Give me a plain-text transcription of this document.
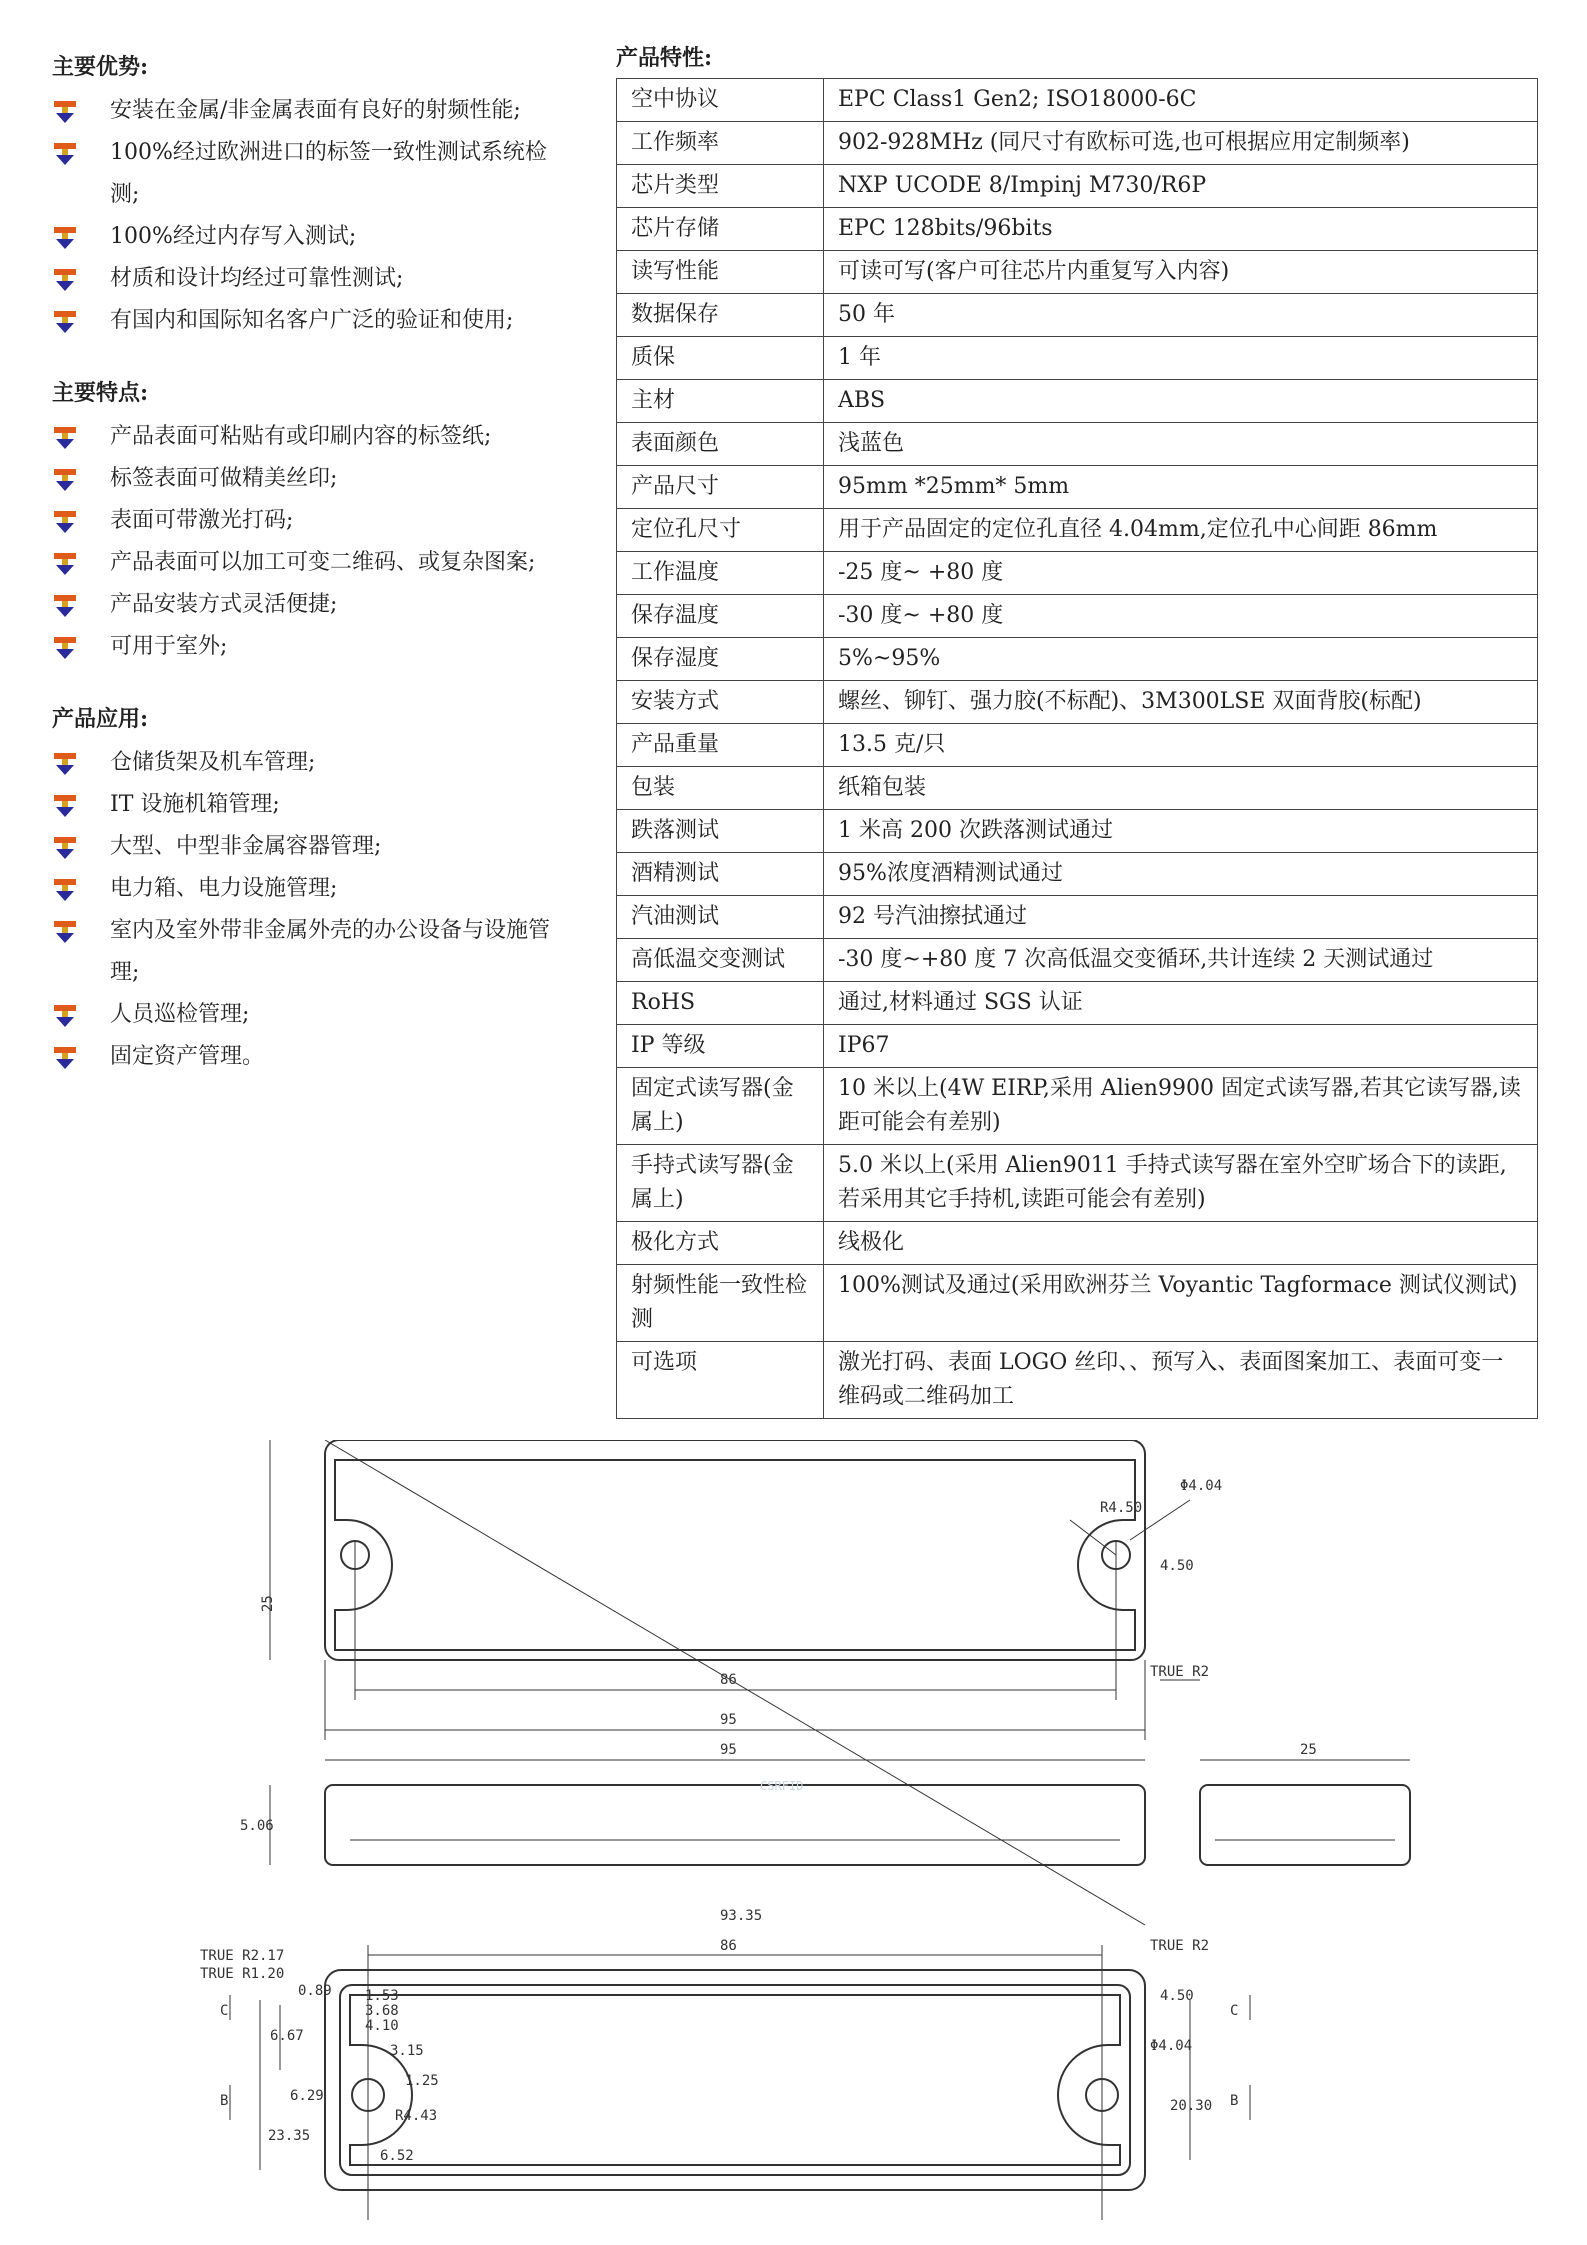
主要优势:
安装在金属/非金属表面有良好的射频性能;
100%经过欧洲进口的标签一致性测试系统检测;
100%经过内存写入测试;
材质和设计均经过可靠性测试;
有国内和国际知名客户广泛的验证和使用;
主要特点:
产品表面可粘贴有或印刷内容的标签纸;
标签表面可做精美丝印;
表面可带激光打码;
产品表面可以加工可变二维码、或复杂图案;
产品安装方式灵活便捷;
可用于室外;
产品应用:
仓储货架及机车管理;
IT 设施机箱管理;
大型、中型非金属容器管理;
电力箱、电力设施管理;
室内及室外带非金属外壳的办公设备与设施管理;
人员巡检管理;
固定资产管理。
产品特性:
空中协议	EPC Class1 Gen2; ISO18000-6C
工作频率	902-928MHz (同尺寸有欧标可选,也可根据应用定制频率)
芯片类型	NXP UCODE 8/Impinj M730/R6P
芯片存储	EPC 128bits/96bits
读写性能	可读可写(客户可往芯片内重复写入内容)
数据保存	50 年
质保	1 年
主材	ABS
表面颜色	浅蓝色
产品尺寸	95mm *25mm* 5mm
定位孔尺寸	用于产品固定的定位孔直径 4.04mm,定位孔中心间距 86mm
工作温度	-25 度~ +80 度
保存温度	-30 度~ +80 度
保存湿度	5%~95%
安装方式	螺丝、铆钉、强力胶(不标配)、3M300LSE 双面背胶(标配)
产品重量	13.5 克/只
包装	纸箱包装
跌落测试	1 米高 200 次跌落测试通过
酒精测试	95%浓度酒精测试通过
汽油测试	92 号汽油擦拭通过
高低温交变测试	-30 度~+80 度 7 次高低温交变循环,共计连续 2 天测试通过
RoHS	通过,材料通过 SGS 认证
IP 等级	IP67
固定式读写器(金属上)	10 米以上(4W EIRP,采用 Alien9900 固定式读写器,若其它读写器,读距可能会有差别)
手持式读写器(金属上)	5.0 米以上(采用 Alien9011 手持式读写器在室外空旷场合下的读距,若采用其它手持机,读距可能会有差别)
极化方式	线极化
射频性能一致性检测	100%测试及通过(采用欧洲芬兰 Voyantic Tagformace 测试仪测试)
可选项	激光打码、表面 LOGO 丝印、、预写入、表面图案加工、表面可变一维码或二维码加工
25
R4.50
Φ4.04
4.50
86
95
TRUE R2
95
5.06
25
93.35
86
TRUE R2.17
TRUE R1.20
TRUE R2
0.89 1.53
3.68
4.10
3.15
1.25
R4.43
6.52
6.67
6.29
23.35
Φ4.04
4.50
20.30
C	C
B	B
CSRFID
